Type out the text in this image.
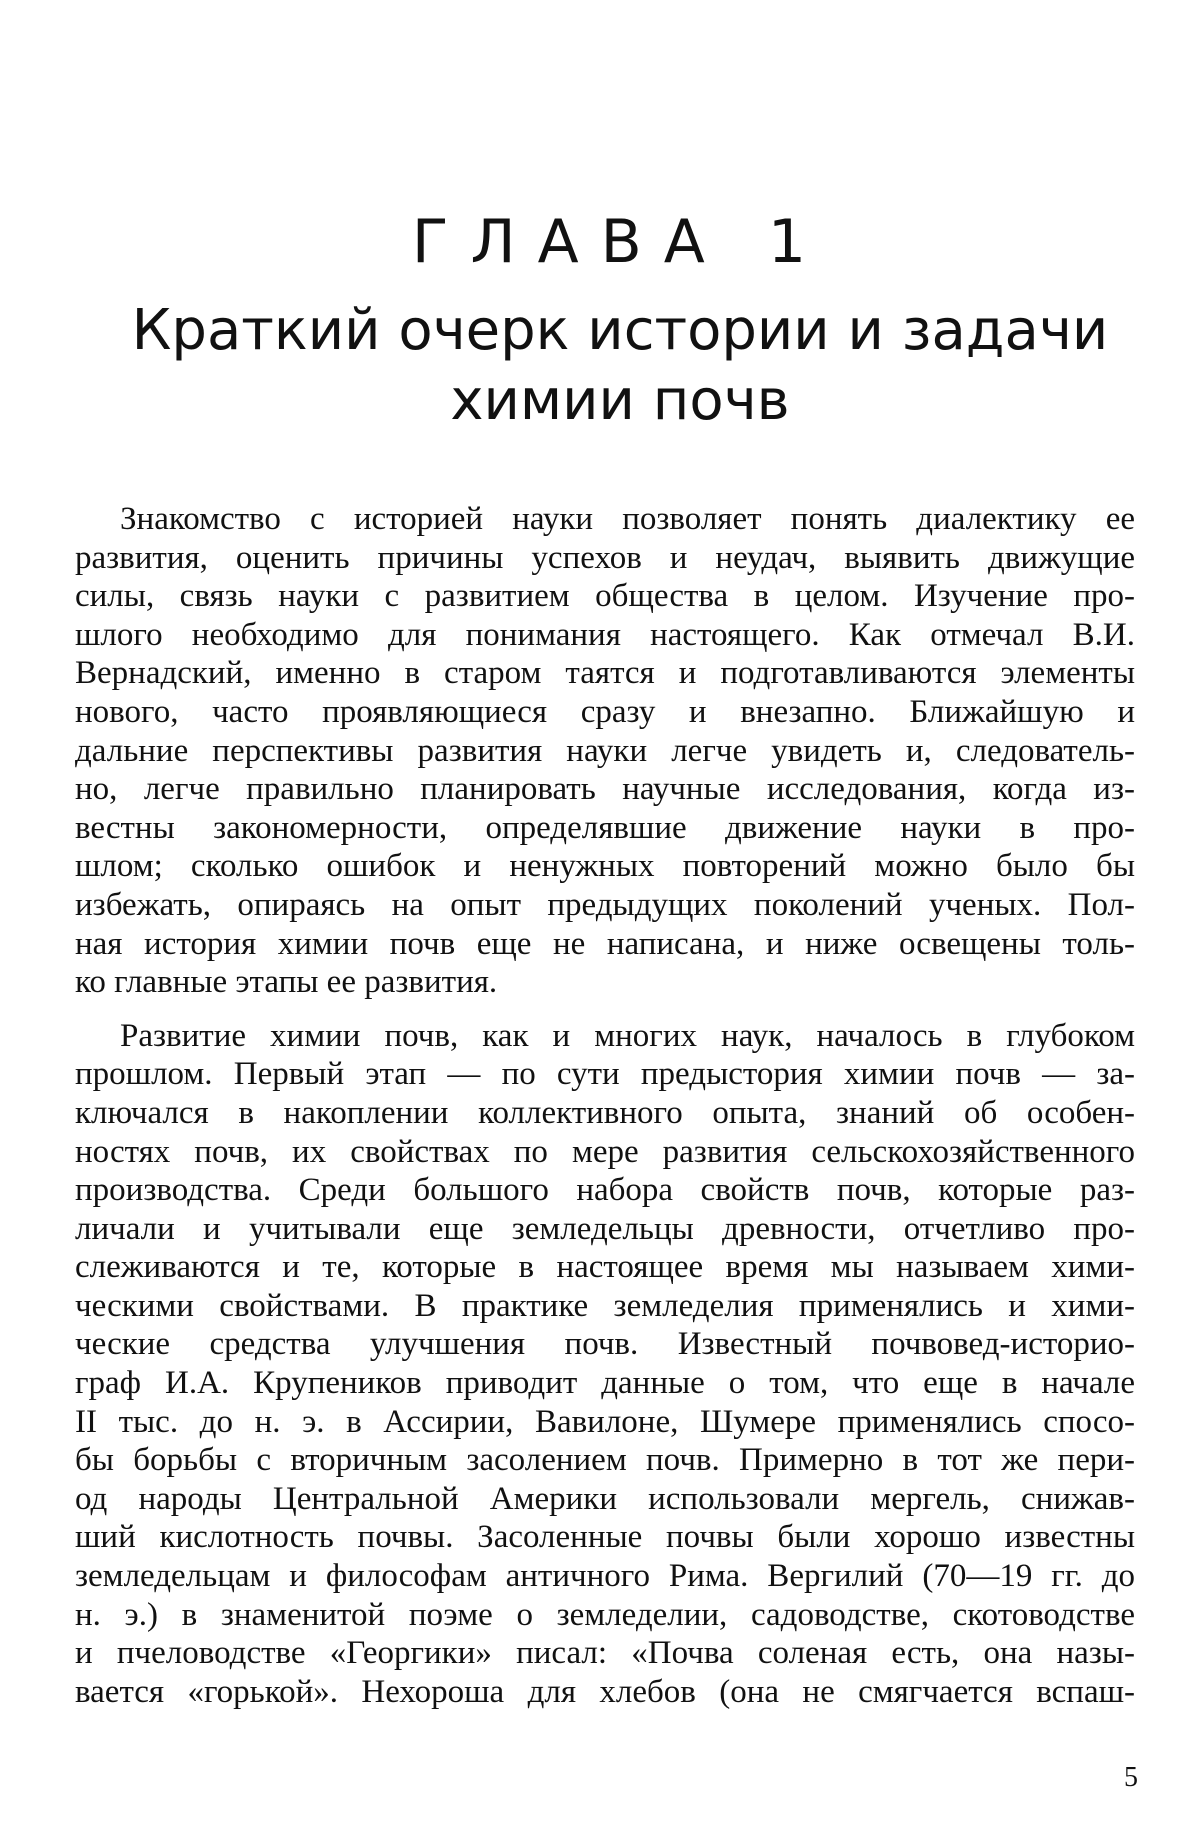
ГЛАВА 1
Краткий очерк истории и задачи
химии почв

Знакомство с историей науки позволяет понять диалектику ее
развития, оценить причины успехов и неудач, выявить движущие
силы, связь науки с развитием общества в целом. Изучение про-
шлого необходимо для понимания настоящего. Как отмечал В.И.
Вернадский, именно в старом таятся и подготавливаются элементы
нового, часто проявляющиеся сразу и внезапно. Ближайшую и
дальние перспективы развития науки легче увидеть и, следователь-
но, легче правильно планировать научные исследования, когда из-
вестны закономерности, определявшие движение науки в про-
шлом; сколько ошибок и ненужных повторений можно было бы
избежать, опираясь на опыт предыдущих поколений ученых. Пол-
ная история химии почв еще не написана, и ниже освещены толь-
ко главные этапы ее развития.

Развитие химии почв, как и многих наук, началось в глубоком
прошлом. Первый этап — по сути предыстория химии почв — за-
ключался в накоплении коллективного опыта, знаний об особен-
ностях почв, их свойствах по мере развития сельскохозяйственного
производства. Среди большого набора свойств почв, которые раз-
личали и учитывали еще земледельцы древности, отчетливо про-
слеживаются и те, которые в настоящее время мы называем хими-
ческими свойствами. В практике земледелия применялись и хими-
ческие средства улучшения почв. Известный почвовед-историо-
граф И.А. Крупеников приводит данные о том, что еще в начале
II тыс. до н. э. в Ассирии, Вавилоне, Шумере применялись спосо-
бы борьбы с вторичным засолением почв. Примерно в тот же пери-
од народы Центральной Америки использовали мергель, снижав-
ший кислотность почвы. Засоленные почвы были хорошо известны
земледельцам и философам античного Рима. Вергилий (70—19 гг. до
н. э.) в знаменитой поэме о земледелии, садоводстве, скотоводстве
и пчеловодстве «Георгики» писал: «Почва соленая есть, она назы-
вается «горькой». Нехороша для хлебов (она не смягчается вспаш-

5
